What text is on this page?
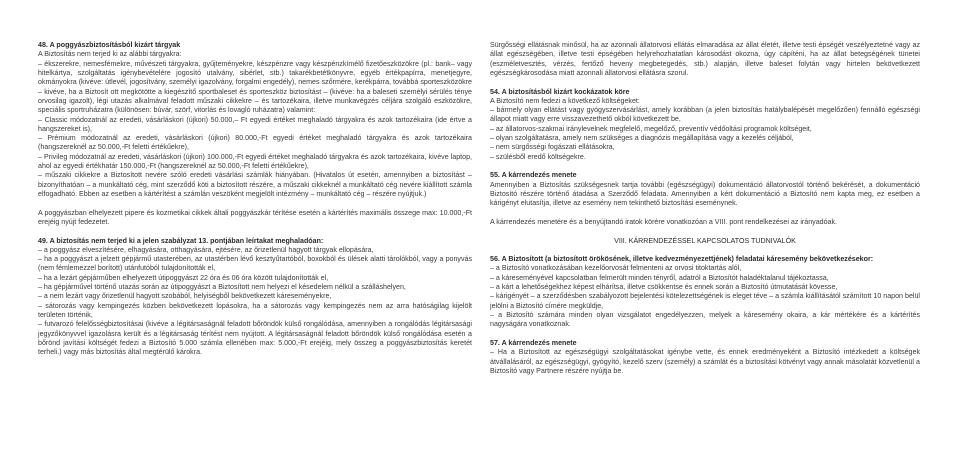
48. A poggyászbiztosításból kizárt tárgyak

A Biztosítás nem terjed ki az alábbi tárgyakra:

– ékszerekre, nemesfémekre, művészeti tárgyakra, gyűjteményekre, készpénzre vagy készpénzkímélő fizetőeszközökre (pl.: bank– vagy hitelkártya, szolgáltatás igénybevételére jogosító utalvány, sibérlet, stb.) takarékbetétkönyvre, egyéb értékpapírra, menetjegyre, okmányokra (kivéve: útlevél, jogosítvány, személyi igazolvány, forgalmi engedély), nemes szőrmére, kerékpárra, továbbá sporteszközökre – kivéve, ha a Biztosít ott megkötötte a kiegészítő sportbaleset és sporteszköz biztosítást – (kivéve: ha a baleseti személyi sérülés ténye orvosilag igazolt), légi utazás alkalmával feladott műszaki cikkekre – és tartozékaira, illetve munkavégzés céljára szolgáló eszközökre, speciális sportruházatra (különösen: búvár, szörf, vitorlás és lovagló ruházatra) valamint:

– Classic módozatnál az eredeti, vásárláskori (újkori) 50.000,– Ft egyedi értéket meghaladó tárgyakra és azok tartozékaira (ide értve a hangszereket is),

– Prémium módozatnál az eredeti, vásárláskori (újkori) 80.000,-Ft egyedi értéket meghaladó tárgyakra és azok tartozékaira (hangszereknél az 50.000,-Ft feletti értékűekre),

– Privileg módozatnál az eredeti, vásárláskori (újkori) 100.000,-Ft egyedi értéket meghaladó tárgyakra és azok tartozékaira, kivéve laptop, ahol az egyedi értékhatár 150.000,-Ft (hangszereknél az 50.000,-Ft feletti értékűekre),

– műszaki cikkekre a Biztosított nevére szóló eredeti vásárlási számlák hiányában. (Hivatalos út esetén, amennyiben a biztosítást – bizonyíthatóan – a munkáltató cég, mint szerződő köti a biztosított részére, a műszaki cikkeknél a munkáltató cég nevére kiállított számla elfogadható. Ebben az esetben a kártérítést a számlán veszöként megjelölt intézmény – munkáltató cég – részére nyújtjuk.)

A poggyászban elhelyezett pipere és kozmetikai cikkek általi poggyászkár térítése esetén a kártérítés maximális összege max: 10.000,-Ft erejéig nyújt fedezetet.

49. A biztosítás nem terjed ki a jelen szabályzat 13. pontjában leírtakat meghaladóan:

– a poggyász elveszítésére, elhagyására, otthagyására, ejtésére, az őrizetlenül hagyott tárgyak ellopására,

– ha a poggyászt a jelzett gépjármű utasterében, az utastérben lévő kesztyűtartóból, boxokból és ülések alatti tárolókból, vagy a ponyvás (nem fémlemezzel borított) utánfutóból tulajdonították el,

– ha a lezárt gépjárműben elhelyezett útipoggyászt 22 óra és 06 óra között tulajdonították el,

– ha gépjárművel történő utazás során az útipoggyászt a Biztosított nem helyezi el késedelem nélkül a szálláshelyen,

– a nem lezárt vagy őrizetlenül hagyott szobából, helyiségből bekövetkezett káreseményekre,

– sátorozás vagy kempingezés közben bekövetkezett lopásokra, ha a sátorozás vagy kempingezés nem az arra hatóságilag kijelölt területen történik,

– futvarozó felelősségbiztosításai (kivéve a légitársaságnál feladott bőröndök külső rongálódása, amennyiben a rongálódás légitársasági jegyzőkönyvvel igazolásra került és a légitársaság térítést nem nyújtott. A légitársaságnál feladott bőröndök külső rongálódása esetén a bőrönd javítási költségét fedezi a Biztosító 5.000 számla ellenében max: 5.000,-Ft erejéig, mely összeg a poggyászbiztosítás keretét terheli.) vagy más biztosítás által megtérülő károkra.

Sürgősségi ellátásnak minősül, ha az azonnali állatorvosi ellátás elmaradása az állat életét, illetve testi épségét veszélyeztetné vagy az állat egészségében, illetve testi épségében helyrehozhatatlan károsodást okozna, úgy cápíténi, ha az állat betegségének tünetei (eszméletvesztés, vérzés, fertőző heveny megbetegedés, stb.) alapján, illetve baleset folytán vagy hirtelen bekövetkezett egészségkárosodása miatt azonnali állatorvosi ellátásra szorul.

54. A biztosításból kizárt kockázatok köre

A Biztosító nem fedezi a következő költségeket:

– bármely olyan ellátást vagy gyógyszervásárlást, amely korábban (a jelen biztosítás hatálybalépését megelőzően) fennálló egészségi állapot miatt vagy erre visszavezethető okból következett be,

– az állatorvos-szakmai iránylevelnek megfelelő, megelőző, preventív védőoltási programok költségeit,

– olyan szolgáltatásra, amely nem szükséges a diagnózis megállapítása vagy a kezelés céljából,

– nem sürgősségi fogászati ellátásokra,

– szülésből eredő költségekre.

55. A kárrendezés menete

Amennyiben a Biztosítás szükségesnek tartja további (egészségügyi) dokumentáció állatorvostól történő bekérését, a dokumentáció Biztosító részére történő átadása a Szerződő feladata. Amennyiben a kért dokumentáció a Biztosító nem kapta meg, ez esetben a kárigényt elutasítja, illetve az esemény nem tekinthető biztosítási eseménynek.

A kárrendezés menetére és a benyújtandó iratok körére vonatkozóan a VIII. pont rendelkezései az irányadóak.

VIII. KÁRRENDEZÉSSEL KAPCSOLATOS TUDNIVALÓK

56. A Biztosított (a biztosított örökösének, illetve kedvezményezettjének) feladatai káresemény bekövetkezésekor:

– a Biztosító vonatkozásában kezelőorvosát felmenteni az orvosi titoktartás alól,

– a káreseményével kapcsolatban felmerült minden tényről, adatról a Biztosítót haladéktalanul tájékoztassa,

– a kárt a lehetőségekhez képest elhárítsa, illetve csökkentse és ennek során a Biztosító útmutatását kövesse,

– kárigényét – a szerződésben szabályozott bejelentési kötelezettségének is eleget téve – a számla kiállításától számított 10 napon belül jelölni a Biztosító címére megküldje,

– a Biztosító számára minden olyan vizsgálatot engedélyezzen, melyek a káresemény okaira, a kár mértékére és a kártérítés nagyságára vonatkoznak.

57. A kárrendezés menete

– Ha a Biztosított az egészségügyi szolgáltatásokat igénybe vette, és ennek eredményeként a Biztosító intézkedett a költségek átvállalásáról, az egészségügyi, gyógyító, kezelő szerv (személy) a számlát és a biztosítási kötvényt vagy annak másolatát közvetlenül a Biztosító vagy Partnere részére nyújtja be.
